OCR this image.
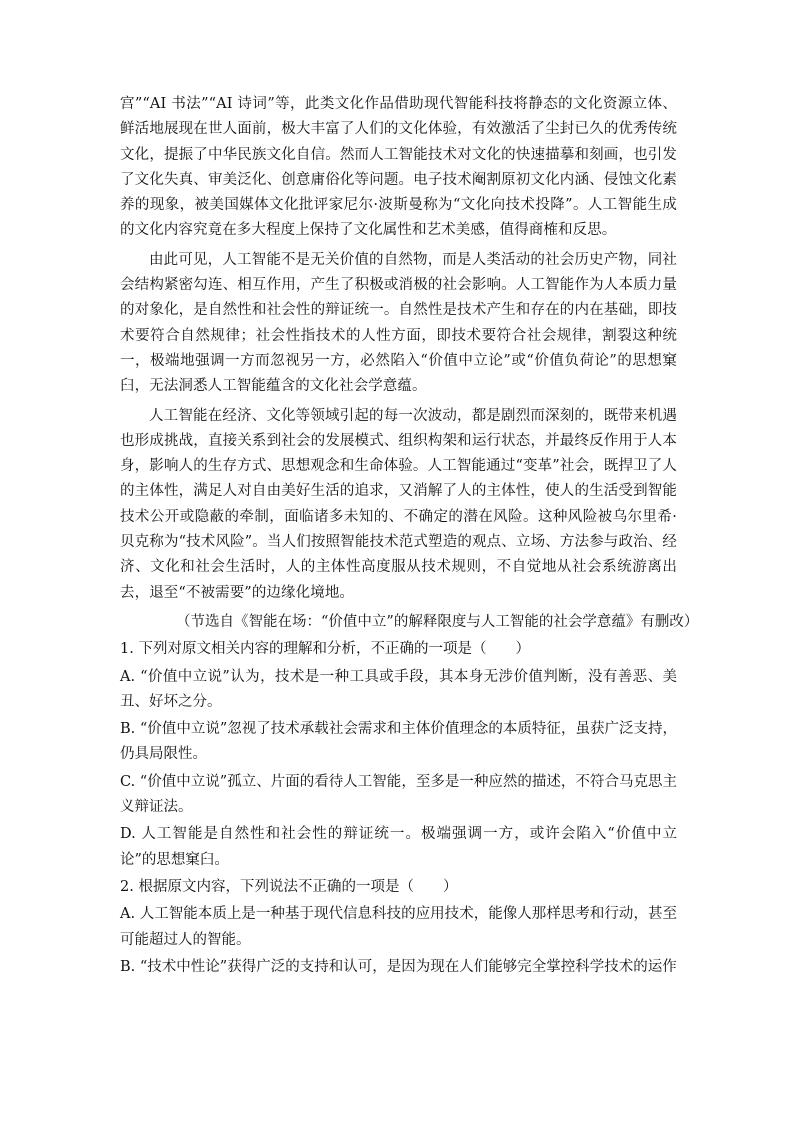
宫”“AI 书法”“AI 诗词”等，此类文化作品借助现代智能科技将静态的文化资源立体、鲜活地展现在世人面前，极大丰富了人们的文化体验，有效激活了尘封已久的优秀传统文化，提振了中华民族文化自信。然而人工智能技术对文化的快速描摹和刻画，也引发了文化失真、审美泛化、创意庸俗化等问题。电子技术阉割原初文化内涵、侵蚀文化素养的现象，被美国媒体文化批评家尼尔·波斯曼称为“文化向技术投降”。人工智能生成的文化内容究竟在多大程度上保持了文化属性和艺术美感，值得商榷和反思。

由此可见，人工智能不是无关价值的自然物，而是人类活动的社会历史产物，同社会结构紧密勾连、相互作用，产生了积极或消极的社会影响。人工智能作为人本质力量的对象化，是自然性和社会性的辩证统一。自然性是技术产生和存在的内在基础，即技术要符合自然规律；社会性指技术的人性方面，即技术要符合社会规律，割裂这种统一，极端地强调一方而忽视另一方，必然陷入“价值中立论”或“价值负荷论”的思想窠臼，无法洞悉人工智能蕴含的文化社会学意蕴。

人工智能在经济、文化等领域引起的每一次波动，都是剧烈而深刻的，既带来机遇也形成挑战，直接关系到社会的发展模式、组织构架和运行状态，并最终反作用于人本身，影响人的生存方式、思想观念和生命体验。人工智能通过“变革”社会，既捍卫了人的主体性，满足人对自由美好生活的追求，又消解了人的主体性，使人的生活受到智能技术公开或隐蔽的牵制，面临诸多未知的、不确定的潜在风险。这种风险被乌尔里希·贝克称为“技术风险”。当人们按照智能技术范式塑造的观点、立场、方法参与政治、经济、文化和社会生活时，人的主体性高度服从技术规则，不自觉地从社会系统游离出去，退至“不被需要”的边缘化境地。

（节选自《智能在场：“价值中立”的解释限度与人工智能的社会学意蕴》有删改）

1. 下列对原文相关内容的理解和分析，不正确的一项是（　　）

A. “价值中立说”认为，技术是一种工具或手段，其本身无涉价值判断，没有善恶、美丑、好坏之分。

B. “价值中立说”忽视了技术承载社会需求和主体价值理念的本质特征，虽获广泛支持，仍具局限性。

C. “价值中立说”孤立、片面的看待人工智能，至多是一种应然的描述，不符合马克思主义辩证法。

D. 人工智能是自然性和社会性的辩证统一。极端强调一方，或许会陷入“价值中立论”的思想窠臼。

2. 根据原文内容，下列说法不正确的一项是（　　）

A. 人工智能本质上是一种基于现代信息科技的应用技术，能像人那样思考和行动，甚至可能超过人的智能。

B. “技术中性论”获得广泛的支持和认可，是因为现在人们能够完全掌控科学技术的运作
